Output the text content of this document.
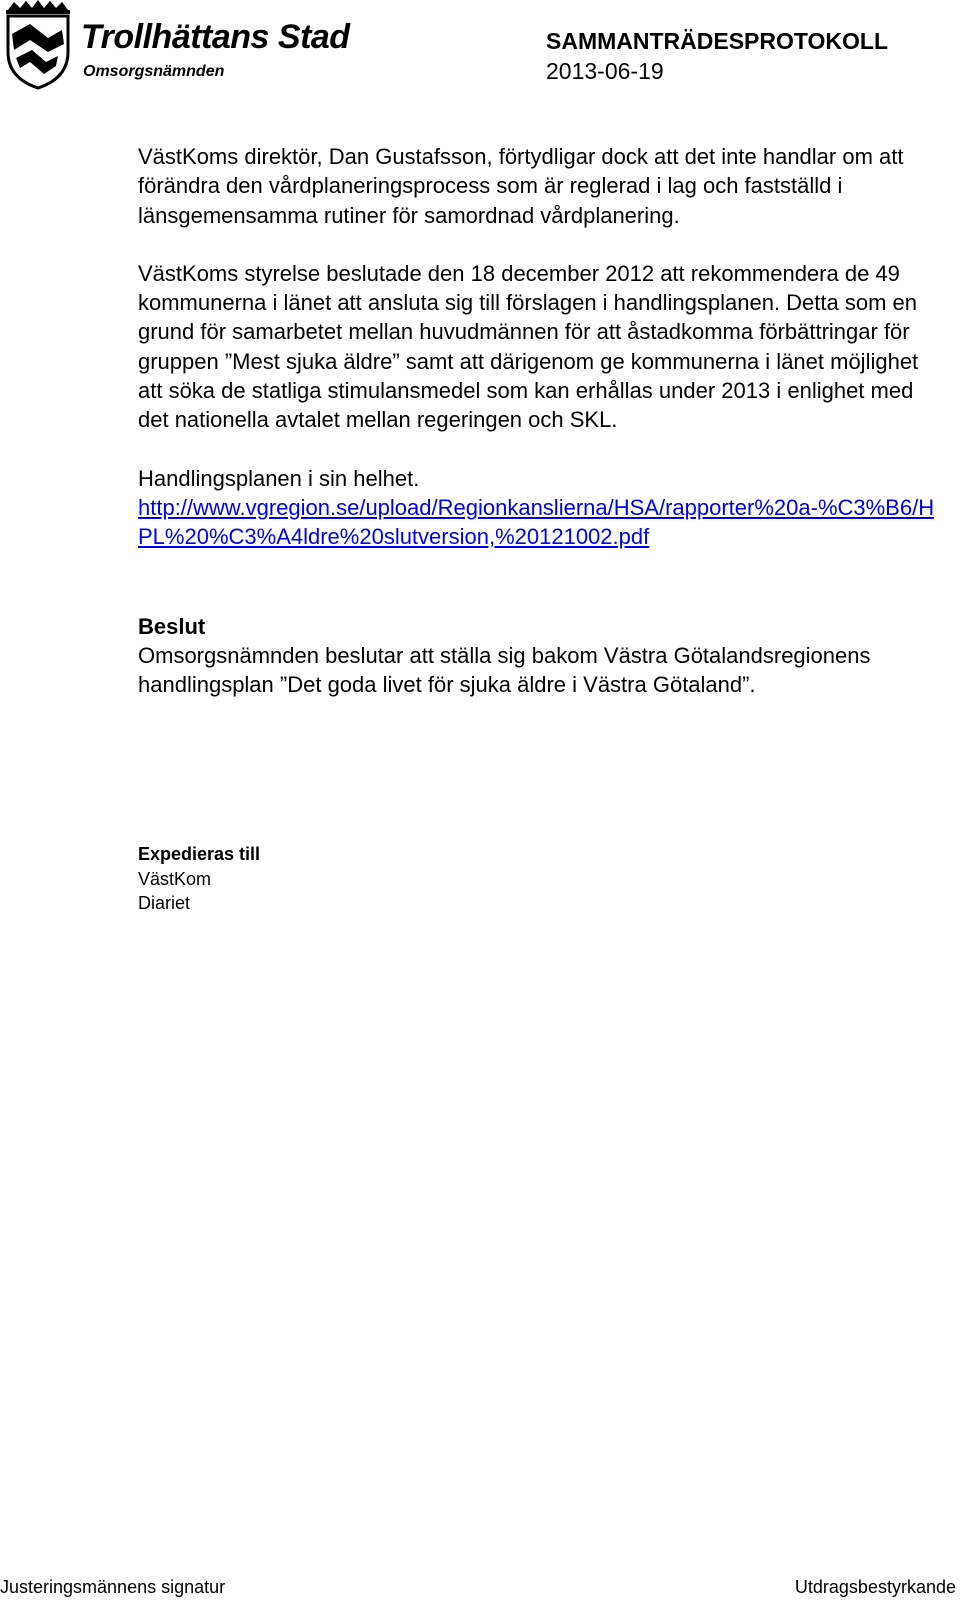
Trollhättans Stad
Omsorgsnämnden
SAMMANTRÄDESPROTOKOLL
2013-06-19

VästKoms direktör, Dan Gustafsson, förtydligar dock att det inte handlar om att förändra den vårdplaneringsprocess som är reglerad i lag och fastställd i länsgemensamma rutiner för samordnad vårdplanering.

VästKoms styrelse beslutade den 18 december 2012 att rekommendera de 49 kommunerna i länet att ansluta sig till förslagen i handlingsplanen. Detta som en grund för samarbetet mellan huvudmännen för att åstadkomma förbättringar för gruppen ”Mest sjuka äldre” samt att därigenom ge kommunerna i länet möjlighet att söka de statliga stimulansmedel som kan erhållas under 2013 i enlighet med det nationella avtalet mellan regeringen och SKL.

Handlingsplanen i sin helhet.

http://www.vgregion.se/upload/Regionkanslierna/HSA/rapporter%20a-%C3%B6/HPL%20%C3%A4ldre%20slutversion,%20121002.pdf

Beslut

Omsorgsnämnden beslutar att ställa sig bakom Västra Götalandsregionens handlingsplan ”Det goda livet för sjuka äldre i Västra Götaland”.

Expedieras till

VästKom

Diariet

Justeringsmännens signatur	Utdragsbestyrkande
